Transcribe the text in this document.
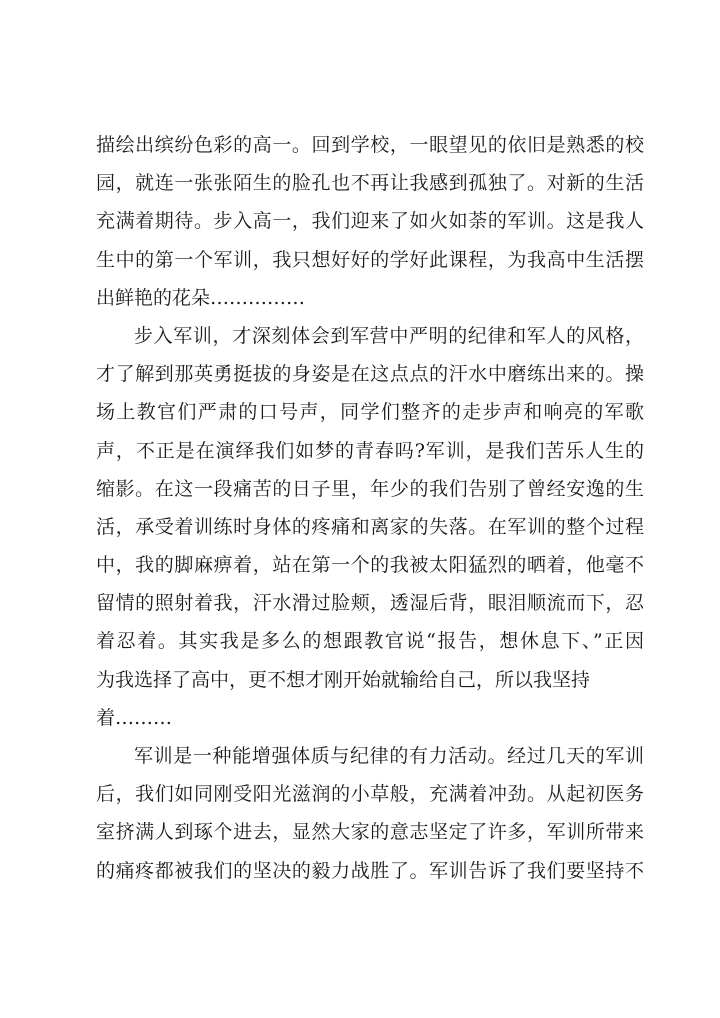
描绘出缤纷色彩的高一。回到学校，一眼望见的依旧是熟悉的校
园，就连一张张陌生的脸孔也不再让我感到孤独了。对新的生活
充满着期待。步入高一，我们迎来了如火如荼的军训。这是我人
生中的第一个军训，我只想好好的学好此课程，为我高中生活摆
出鲜艳的花朵……………
步入军训，才深刻体会到军营中严明的纪律和军人的风格，
才了解到那英勇挺拔的身姿是在这点点的汗水中磨练出来的。操
场上教官们严肃的口号声，同学们整齐的走步声和响亮的军歌
声，不正是在演绎我们如梦的青春吗?军训，是我们苦乐人生的
缩影。在这一段痛苦的日子里，年少的我们告别了曾经安逸的生
活，承受着训练时身体的疼痛和离家的失落。在军训的整个过程
中，我的脚麻痹着，站在第一个的我被太阳猛烈的晒着，他毫不
留情的照射着我，汗水滑过脸颊，透湿后背，眼泪顺流而下，忍
着忍着。其实我是多么的想跟教官说“报告，想休息下、”正因
为我选择了高中，更不想才刚开始就输给自己，所以我坚持
着………
军训是一种能增强体质与纪律的有力活动。经过几天的军训
后，我们如同刚受阳光滋润的小草般，充满着冲劲。从起初医务
室挤满人到琢个进去，显然大家的意志坚定了许多，军训所带来
的痛疼都被我们的坚决的毅力战胜了。军训告诉了我们要坚持不
